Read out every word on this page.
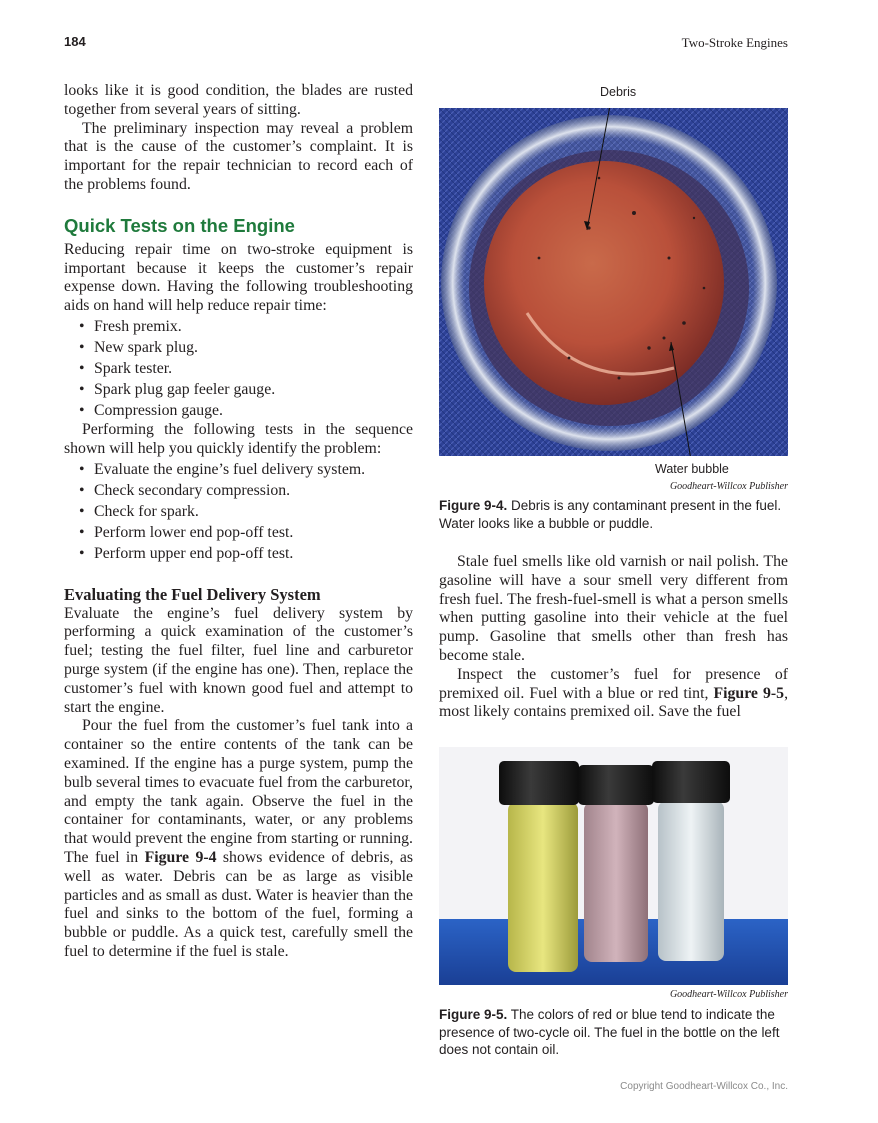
184	Two-Stroke Engines

looks like it is good condition, the blades are rusted together from several years of sitting.

The preliminary inspection may reveal a problem that is the cause of the customer’s complaint. It is important for the repair technician to record each of the problems found.

Quick Tests on the Engine

Reducing repair time on two-stroke equipment is important because it keeps the customer’s repair expense down. Having the following troubleshooting aids on hand will help reduce repair time:

• Fresh premix.
• New spark plug.
• Spark tester.
• Spark plug gap feeler gauge.
• Compression gauge.

Performing the following tests in the sequence shown will help you quickly identify the problem:

• Evaluate the engine’s fuel delivery system.
• Check secondary compression.
• Check for spark.
• Perform lower end pop-off test.
• Perform upper end pop-off test.
Evaluating the Fuel Delivery System

Evaluate the engine’s fuel delivery system by performing a quick examination of the customer’s fuel; testing the fuel filter, fuel line and carburetor purge system (if the engine has one). Then, replace the customer’s fuel with known good fuel and attempt to start the engine.

Pour the fuel from the customer’s fuel tank into a container so the entire contents of the tank can be examined. If the engine has a purge system, pump the bulb several times to evacuate fuel from the carburetor, and empty the tank again. Observe the fuel in the container for contaminants, water, or any problems that would prevent the engine from starting or running. The fuel in Figure 9-4 shows evidence of debris, as well as water. Debris can be as large as visible particles and as small as dust. Water is heavier than the fuel and sinks to the bottom of the fuel, forming a bubble or puddle. As a quick test, carefully smell the fuel to determine if the fuel is stale.

Debris
Water bubble
Goodheart-Willcox Publisher
Figure 9-4. Debris is any contaminant present in the fuel. Water looks like a bubble or puddle.

Stale fuel smells like old varnish or nail polish. The gasoline will have a sour smell very different from fresh fuel. The fresh-fuel-smell is what a person smells when putting gasoline into their vehicle at the fuel pump. Gasoline that smells other than fresh has become stale.

Inspect the customer’s fuel for presence of premixed oil. Fuel with a blue or red tint, Figure 9-5, most likely contains premixed oil. Save the fuel

Goodheart-Willcox Publisher
Figure 9-5. The colors of red or blue tend to indicate the presence of two-cycle oil. The fuel in the bottle on the left does not contain oil.
Copyright Goodheart-Willcox Co., Inc.
